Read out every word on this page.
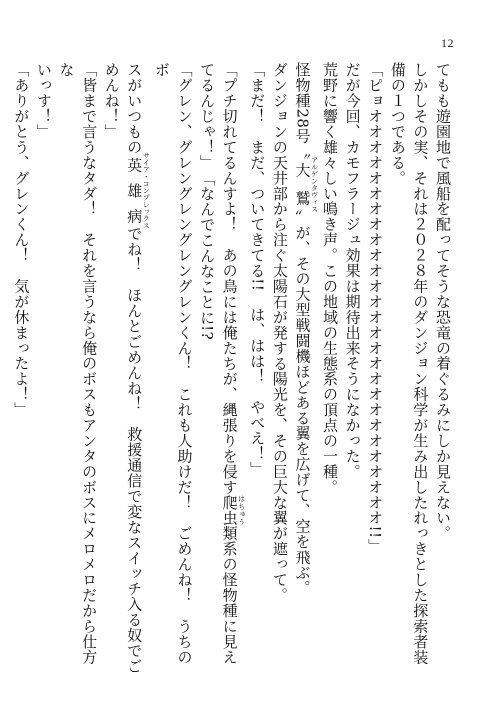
12

てもも遊園地で風船を配ってそうな恐竜の着ぐるみにしか見えない。

しかしその実、それは２０２８年のダンジョン科学が生み出したれっきとした探索者装

備の１つである。

「ピョオオオオオオオオオオオオオオオオオオオオオオオオオオオ!!」

だが今回、カモフラージュ効果は期待出来そうになかった。

荒野に響く雄々しい鳴き声。この地域の生態系の頂点の一種。

怪物種28号〝大鷲 アルゲンタヴィス〟が、その大型戦闘機ほどある翼を広げて、空を飛ぶ。

ダンジョンの天井部から注ぐ太陽石が発する陽光を、その巨大な翼が遮って。

「まだ！　まだ、ついてきてる!!　は、はは！　やべえ！」

「プチ切れてるんすよ！　あの鳥には俺たちが、縄張りを侵す爬虫 はちゅう類系の怪物種に見え

てるんじゃ！」　「なんでこんなことに!?

「グレン、グレングレングレングレンくん！　これも人助けだ！　ごめんね！　うちのボ

スがいつもの英雄病 サイア・コンプレックスでね！　ほんとごめんね！　救援通信で変なスイッチ入る奴でご

めんね！」

「皆まで言うなタダ！　それを言うなら俺のボスもアンタのボスにメロメロだから仕方な

いっす！」

「ありがとう、グレンくん！　気が休まったよ！」
